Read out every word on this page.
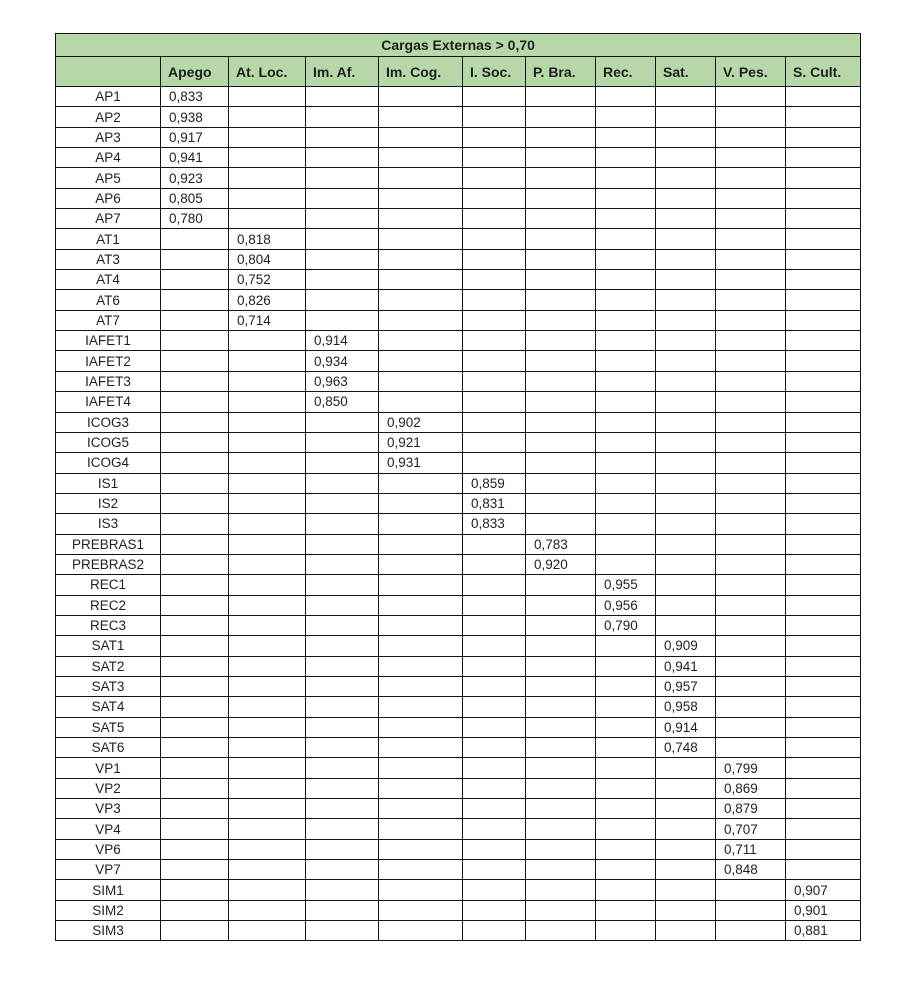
Cargas Externas > 0,70										
	Apego	At. Loc.	Im. Af.	Im. Cog.	I. Soc.	P. Bra.	Rec.	Sat.	V. Pes.	S. Cult.
AP1	0,833									
AP2	0,938									
AP3	0,917									
AP4	0,941									
AP5	0,923									
AP6	0,805									
AP7	0,780									
AT1		0,818								
AT3		0,804								
AT4		0,752								
AT6		0,826								
AT7		0,714								
IAFET1			0,914							
IAFET2			0,934							
IAFET3			0,963							
IAFET4			0,850							
ICOG3				0,902						
ICOG5				0,921						
ICOG4				0,931						
IS1					0,859					
IS2					0,831					
IS3					0,833					
PREBRAS1						0,783				
PREBRAS2						0,920				
REC1							0,955			
REC2							0,956			
REC3							0,790			
SAT1								0,909		
SAT2								0,941		
SAT3								0,957		
SAT4								0,958		
SAT5								0,914		
SAT6								0,748		
VP1									0,799	
VP2									0,869	
VP3									0,879	
VP4									0,707	
VP6									0,711	
VP7									0,848	
SIM1										0,907
SIM2										0,901
SIM3										0,881
